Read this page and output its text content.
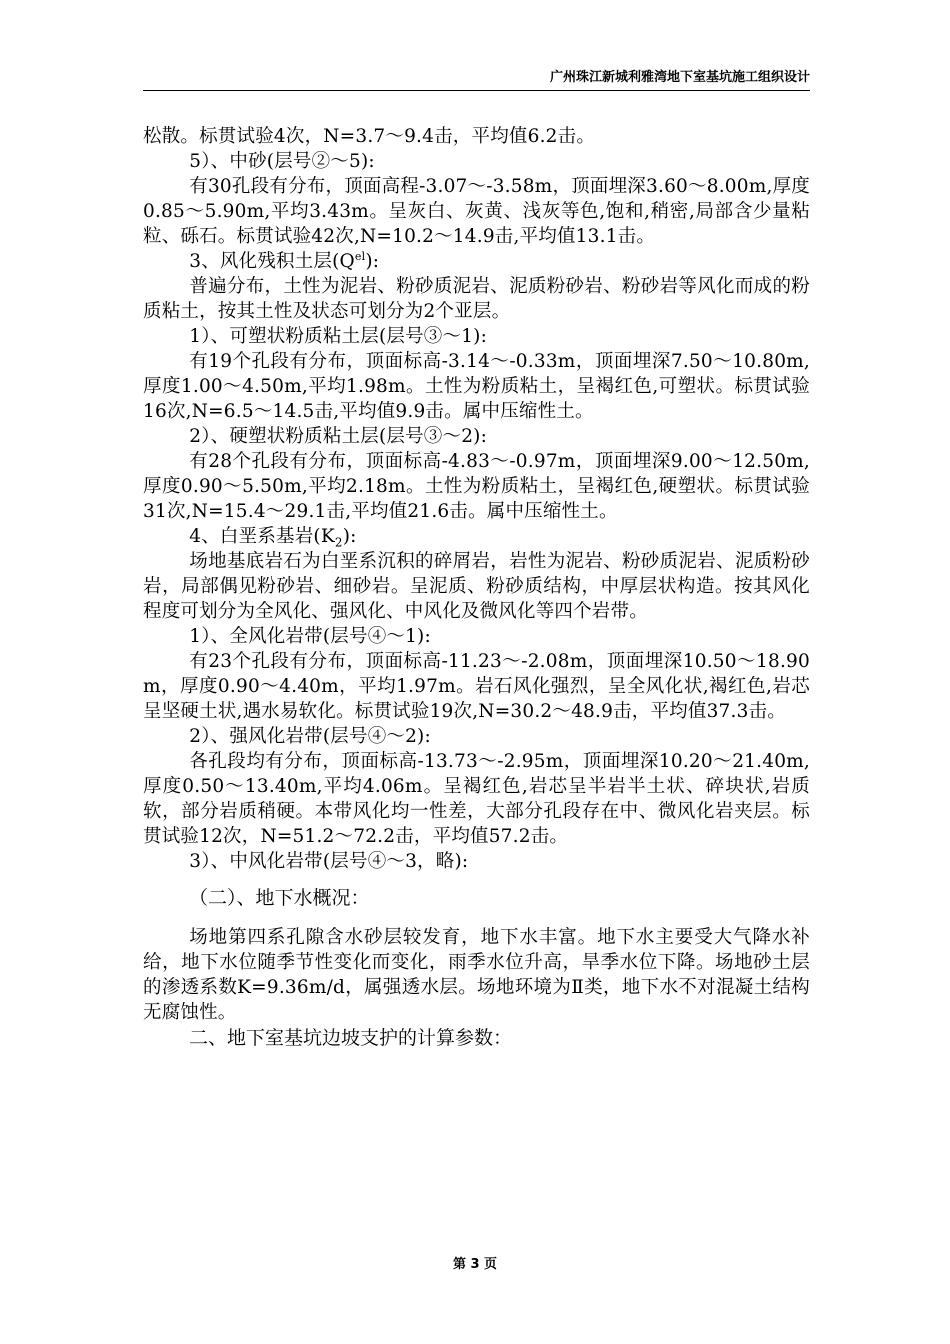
广州珠江新城利雅湾地下室基坑施工组织设计

松散。标贯试验4次，N=3.7～9.4击，平均值6.2击。

5）、中砂(层号②～5):

有30孔段有分布，顶面高程-3.07～-3.58m，顶面埋深3.60～8.00m,厚度0.85～5.90m,平均3.43m。呈灰白、灰黄、浅灰等色,饱和,稍密,局部含少量粘粒、砾石。标贯试验42次,N=10.2～14.9击,平均值13.1击。

3、风化残积土层$(Q^{el})$:

普遍分布，土性为泥岩、粉砂质泥岩、泥质粉砂岩、粉砂岩等风化而成的粉质粘土，按其土性及状态可划分为2个亚层。

1）、可塑状粉质粘土层(层号③～1):

有19个孔段有分布，顶面标高-3.14～-0.33m，顶面埋深7.50～10.80m,厚度1.00～4.50m,平均1.98m。土性为粉质粘土，呈褐红色,可塑状。标贯试验16次,N=6.5～14.5击,平均值9.9击。属中压缩性土。

2）、硬塑状粉质粘土层(层号③～2):

有28个孔段有分布，顶面标高-4.83～-0.97m，顶面埋深9.00～12.50m,厚度0.90～5.50m,平均2.18m。土性为粉质粘土，呈褐红色,硬塑状。标贯试验31次,N=15.4～29.1击,平均值21.6击。属中压缩性土。

4、白垩系基岩$(K_2)$:

场地基底岩石为白垩系沉积的碎屑岩，岩性为泥岩、粉砂质泥岩、泥质粉砂岩，局部偶见粉砂岩、细砂岩。呈泥质、粉砂质结构，中厚层状构造。按其风化程度可划分为全风化、强风化、中风化及微风化等四个岩带。

1）、全风化岩带(层号④～1):

有23个孔段有分布，顶面标高-11.23～-2.08m，顶面埋深10.50～18.90m，厚度0.90～4.40m，平均1.97m。岩石风化强烈，呈全风化状,褐红色,岩芯呈坚硬土状,遇水易软化。标贯试验19次,N=30.2～48.9击，平均值37.3击。

2）、强风化岩带(层号④～2):

各孔段均有分布，顶面标高-13.73～-2.95m，顶面埋深10.20～21.40m,厚度0.50～13.40m,平均4.06m。呈褐红色,岩芯呈半岩半土状、碎块状,岩质软，部分岩质稍硬。本带风化均一性差，大部分孔段存在中、微风化岩夹层。标贯试验12次，N=51.2～72.2击，平均值57.2击。

3）、中风化岩带(层号④～3，略):

（二）、地下水概况：

场地第四系孔隙含水砂层较发育，地下水丰富。地下水主要受大气降水补给，地下水位随季节性变化而变化，雨季水位升高，旱季水位下降。场地砂土层的渗透系数K=9.36m/d，属强透水层。场地环境为Ⅱ类，地下水不对混凝土结构无腐蚀性。

二、地下室基坑边坡支护的计算参数：

第 3 页
